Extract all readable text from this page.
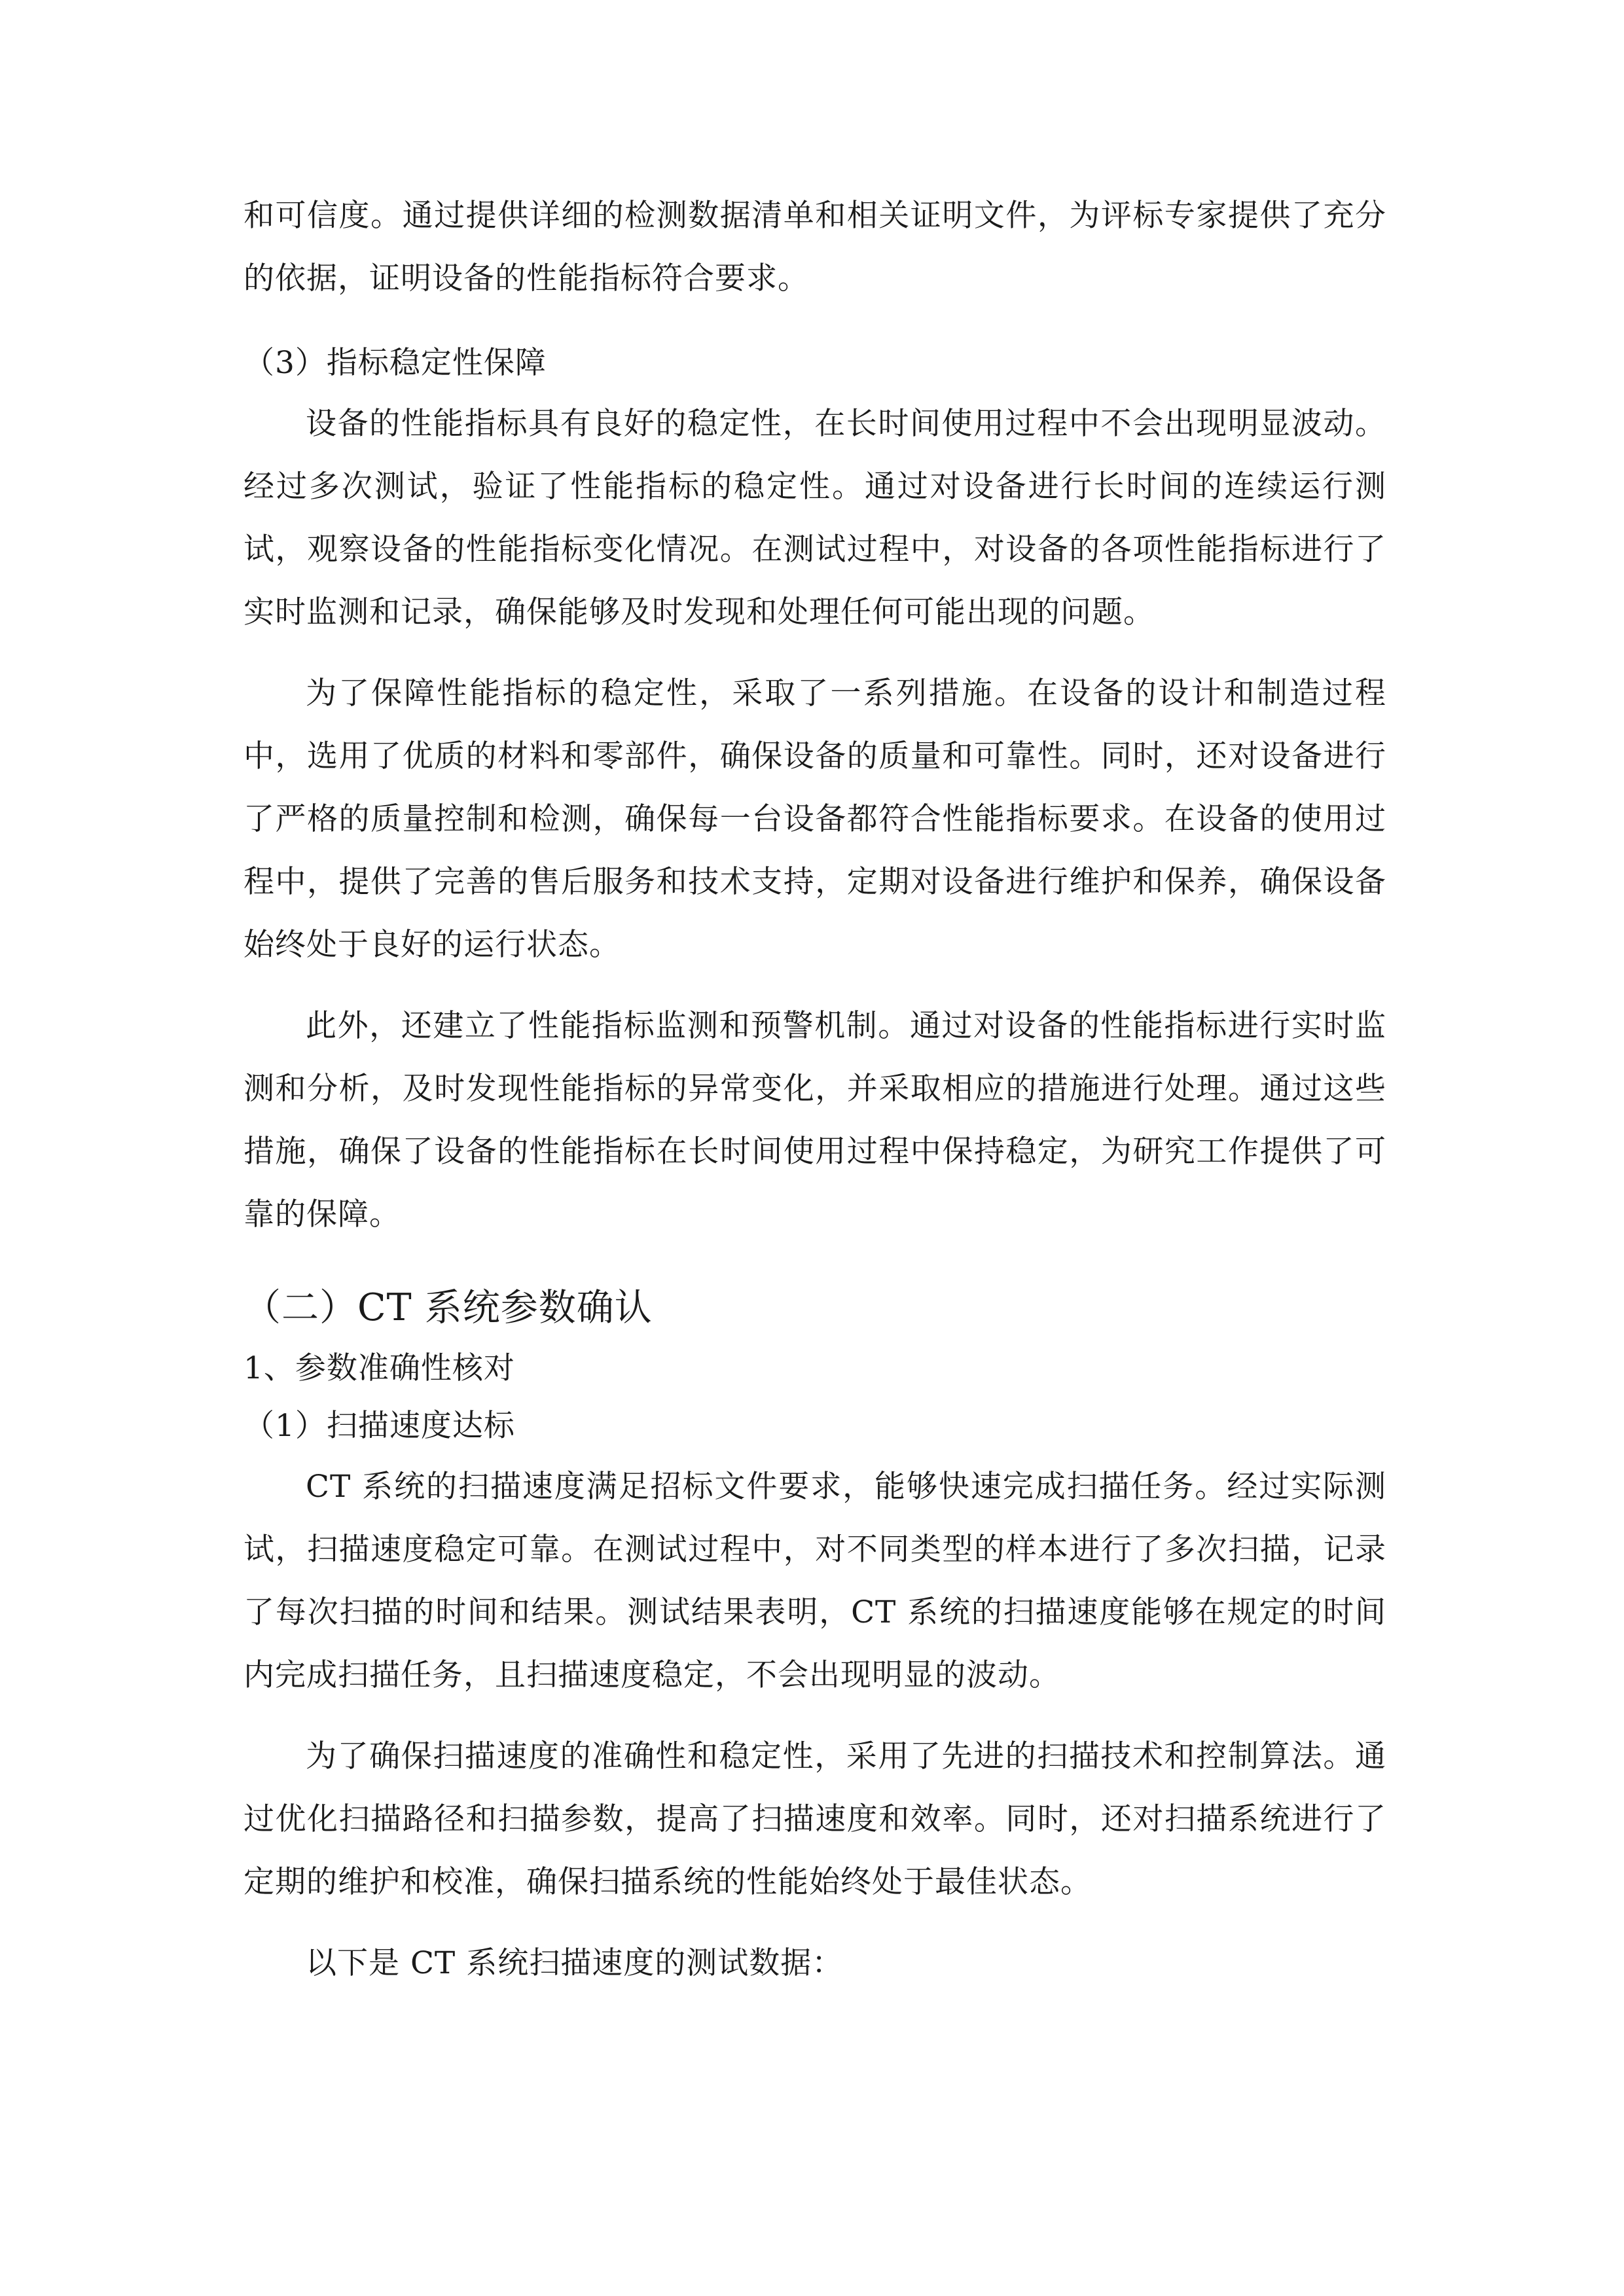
和可信度。通过提供详细的检测数据清单和相关证明文件，为评标专家提供了充分的依据，证明设备的性能指标符合要求。

（3）指标稳定性保障

设备的性能指标具有良好的稳定性，在长时间使用过程中不会出现明显波动。经过多次测试，验证了性能指标的稳定性。通过对设备进行长时间的连续运行测试，观察设备的性能指标变化情况。在测试过程中，对设备的各项性能指标进行了实时监测和记录，确保能够及时发现和处理任何可能出现的问题。

为了保障性能指标的稳定性，采取了一系列措施。在设备的设计和制造过程中，选用了优质的材料和零部件，确保设备的质量和可靠性。同时，还对设备进行了严格的质量控制和检测，确保每一台设备都符合性能指标要求。在设备的使用过程中，提供了完善的售后服务和技术支持，定期对设备进行维护和保养，确保设备始终处于良好的运行状态。

此外，还建立了性能指标监测和预警机制。通过对设备的性能指标进行实时监测和分析，及时发现性能指标的异常变化，并采取相应的措施进行处理。通过这些措施，确保了设备的性能指标在长时间使用过程中保持稳定，为研究工作提供了可靠的保障。

（二）CT 系统参数确认

1、参数准确性核对

（1）扫描速度达标

CT 系统的扫描速度满足招标文件要求，能够快速完成扫描任务。经过实际测试，扫描速度稳定可靠。在测试过程中，对不同类型的样本进行了多次扫描，记录了每次扫描的时间和结果。测试结果表明，CT 系统的扫描速度能够在规定的时间内完成扫描任务，且扫描速度稳定，不会出现明显的波动。

为了确保扫描速度的准确性和稳定性，采用了先进的扫描技术和控制算法。通过优化扫描路径和扫描参数，提高了扫描速度和效率。同时，还对扫描系统进行了定期的维护和校准，确保扫描系统的性能始终处于最佳状态。

以下是 CT 系统扫描速度的测试数据：
